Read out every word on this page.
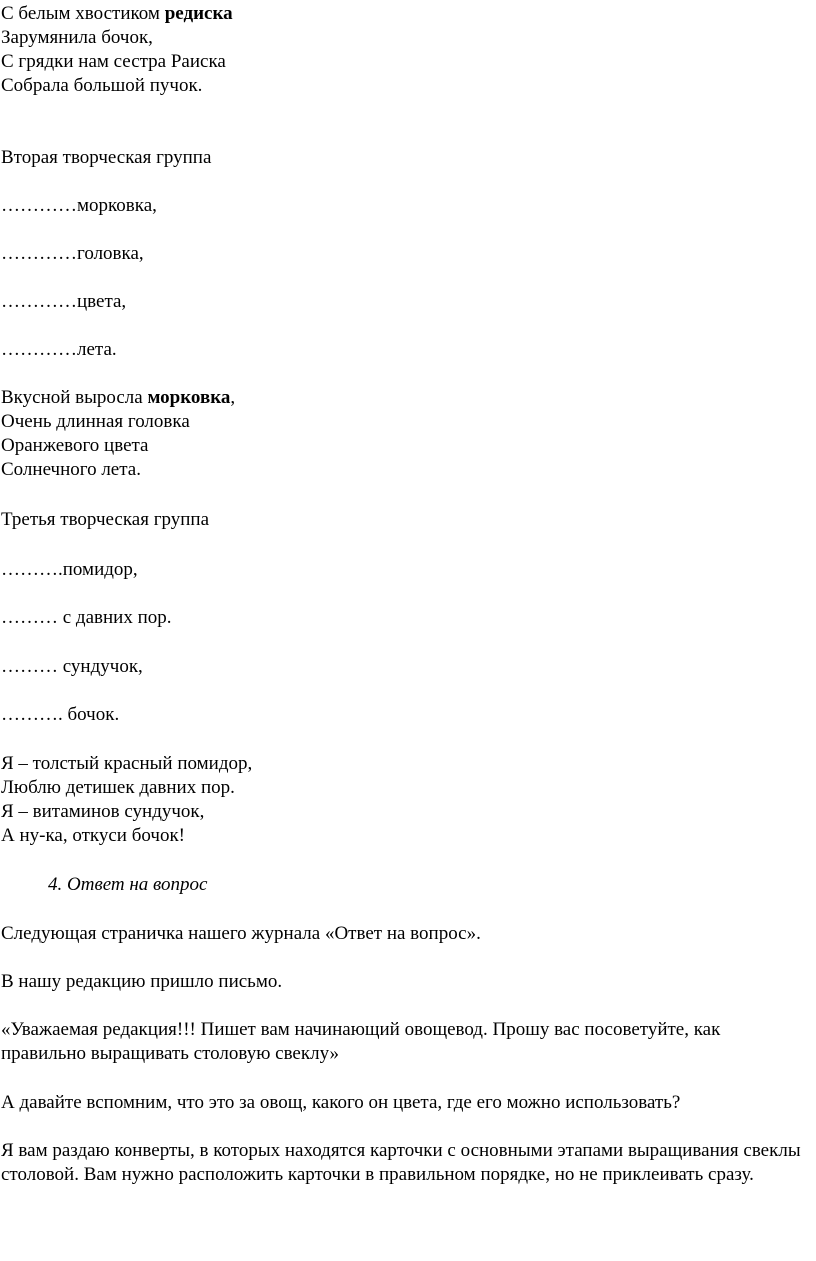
С белым хвостиком редиска
Зарумянила бочок,
С грядки нам сестра Раиска
Собрала большой пучок.
Вторая творческая группа
…………морковка,
…………головка,
…………цвета,
…………лета.
Вкусной выросла морковка,
Очень длинная головка
Оранжевого цвета
Солнечного лета.
Третья творческая группа
……….помидор,
……… с давних пор.
……… сундучок,
………. бочок.
Я – толстый красный помидор,
Люблю детишек давних пор.
Я – витаминов сундучок,
А ну-ка, откуси бочок!
4. Ответ на вопрос
Следующая страничка нашего журнала «Ответ на вопрос».
В нашу редакцию пришло письмо.
«Уважаемая редакция!!! Пишет вам начинающий овощевод. Прошу вас посоветуйте, как правильно выращивать столовую свеклу»
А давайте вспомним, что это за овощ, какого он цвета, где его можно использовать?
Я вам раздаю конверты, в которых находятся карточки с основными этапами выращивания свеклы столовой. Вам нужно расположить карточки в правильном порядке, но не приклеивать сразу.
